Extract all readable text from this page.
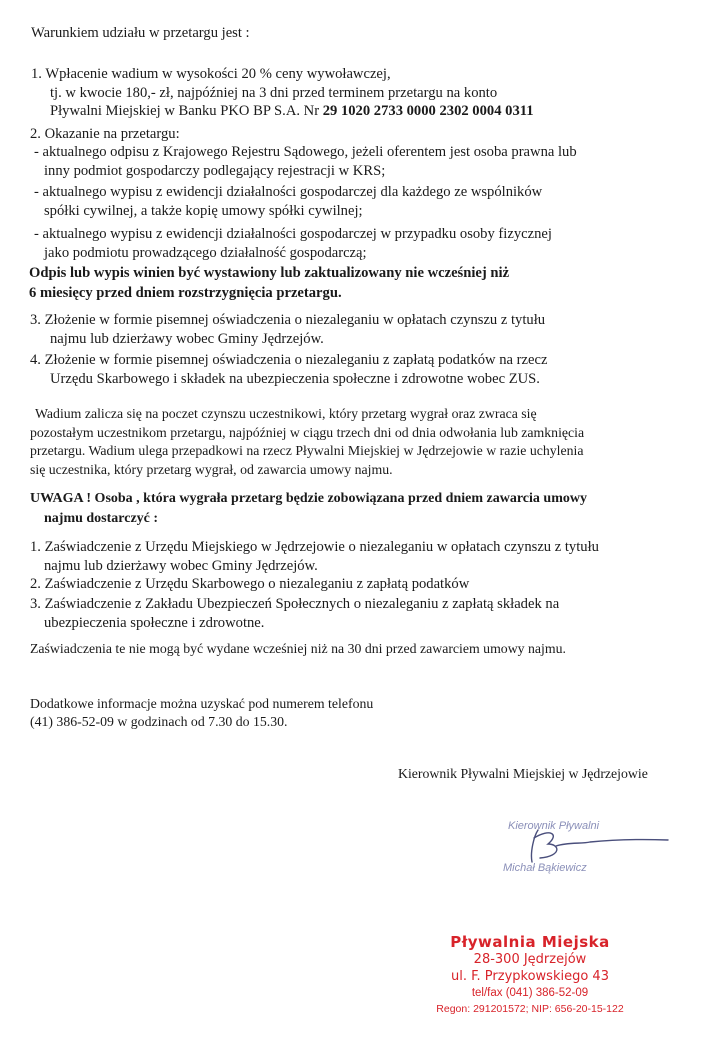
Warunkiem udziału w przetargu jest :
1. Wpłacenie wadium w wysokości 20 % ceny wywoławczej,
tj. w kwocie 180,- zł, najpóźniej na 3 dni przed terminem przetargu na konto
Pływalni Miejskiej w Banku PKO BP S.A. Nr 29 1020 2733 0000 2302 0004 0311
2. Okazanie na przetargu:
- aktualnego odpisu z Krajowego Rejestru Sądowego, jeżeli oferentem jest osoba prawna lub
inny podmiot gospodarczy podlegający rejestracji w KRS;
- aktualnego wypisu z ewidencji działalności gospodarczej dla każdego ze wspólników
spółki cywilnej, a także kopię umowy spółki cywilnej;
- aktualnego wypisu z ewidencji działalności gospodarczej w przypadku osoby fizycznej
jako podmiotu prowadzącego działalność gospodarczą;
Odpis lub wypis winien być wystawiony lub zaktualizowany nie wcześniej niż
6 miesięcy przed dniem rozstrzygnięcia przetargu.
3. Złożenie w formie pisemnej oświadczenia o niezaleganiu w opłatach czynszu z tytułu
najmu lub dzierżawy wobec Gminy Jędrzejów.
4. Złożenie w formie pisemnej oświadczenia o niezaleganiu z zapłatą podatków na rzecz
Urzędu Skarbowego i składek na ubezpieczenia społeczne i zdrowotne wobec ZUS.
Wadium zalicza się na poczet czynszu uczestnikowi, który przetarg wygrał oraz zwraca się
pozostałym uczestnikom przetargu, najpóźniej w ciągu trzech dni od dnia odwołania lub zamknięcia
przetargu. Wadium ulega przepadkowi na rzecz Pływalni Miejskiej w Jędrzejowie w razie uchylenia
się uczestnika, który przetarg wygrał, od zawarcia umowy najmu.
UWAGA ! Osoba , która wygrała przetarg będzie zobowiązana przed dniem zawarcia umowy
najmu dostarczyć :
1. Zaświadczenie z Urzędu Miejskiego w Jędrzejowie o niezaleganiu w opłatach czynszu z tytułu
najmu lub dzierżawy wobec Gminy Jędrzejów.
2. Zaświadczenie z Urzędu Skarbowego o niezaleganiu z zapłatą podatków
3. Zaświadczenie z Zakładu Ubezpieczeń Społecznych o niezaleganiu z zapłatą składek na
ubezpieczenia społeczne i zdrowotne.
Zaświadczenia te nie mogą być wydane wcześniej niż na 30 dni przed zawarciem umowy najmu.
Dodatkowe informacje można uzyskać pod numerem telefonu
(41) 386-52-09 w godzinach od 7.30 do 15.30.
Kierownik Pływalni Miejskiej w Jędrzejowie
Kierownik Pływalni
Michał Bąkiewicz
Pływalnia Miejska
28-300 Jędrzejów
ul. F. Przypkowskiego 43
tel/fax (041) 386-52-09
Regon: 291201572; NIP: 656-20-15-122
